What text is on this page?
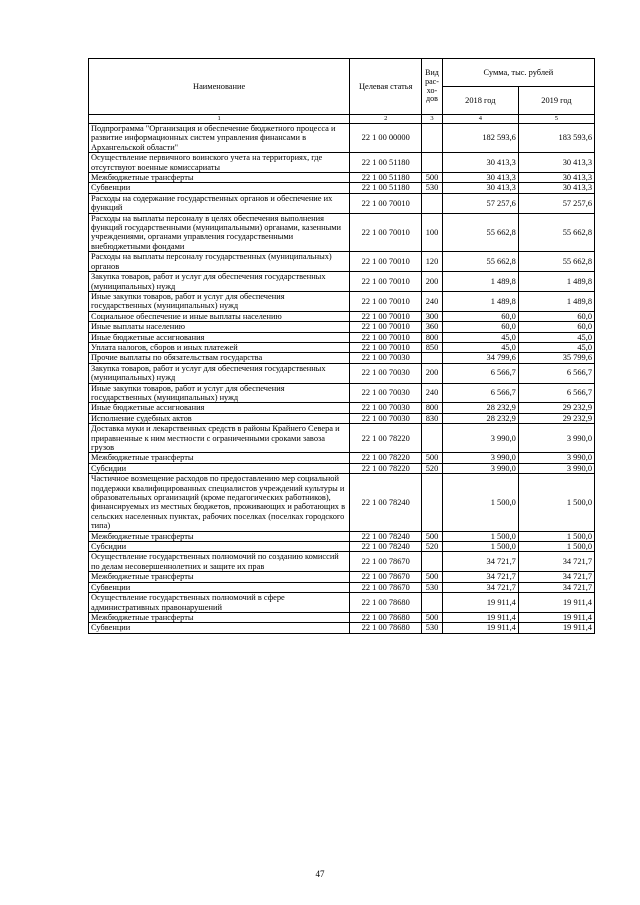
Наименование	Целевая статья	Вид рас- хо- дов	Сумма, тыс. рублей	
			2018 год	2019 год
1	2	3	4	5
Подпрограмма "Организация и обеспечение бюджетного процесса и развитие информационных систем управления финансами в Архангельской области"	22 1 00 00000		182 593,6	183 593,6
Осуществление первичного воинского учета на территориях, где отсутствуют военные комиссариаты	22 1 00 51180		30 413,3	30 413,3
Межбюджетные трансферты	22 1 00 51180	500	30 413,3	30 413,3
Субвенции	22 1 00 51180	530	30 413,3	30 413,3
Расходы на содержание государственных органов и обеспечение их функций	22 1 00 70010		57 257,6	57 257,6
Расходы на выплаты персоналу в целях обеспечения выполнения функций государственными (муниципальными) органами, казенными учреждениями, органами управления государственными внебюджетными фондами	22 1 00 70010	100	55 662,8	55 662,8
Расходы на выплаты персоналу государственных (муниципальных) органов	22 1 00 70010	120	55 662,8	55 662,8
Закупка товаров, работ и услуг для обеспечения государственных (муниципальных) нужд	22 1 00 70010	200	1 489,8	1 489,8
Иные закупки товаров, работ и услуг для обеспечения государственных (муниципальных) нужд	22 1 00 70010	240	1 489,8	1 489,8
Социальное обеспечение и иные выплаты населению	22 1 00 70010	300	60,0	60,0
Иные выплаты населению	22 1 00 70010	360	60,0	60,0
Иные бюджетные ассигнования	22 1 00 70010	800	45,0	45,0
Уплата налогов, сборов и иных платежей	22 1 00 70010	850	45,0	45,0
Прочие выплаты по обязательствам государства	22 1 00 70030		34 799,6	35 799,6
Закупка товаров, работ и услуг для обеспечения государственных (муниципальных) нужд	22 1 00 70030	200	6 566,7	6 566,7
Иные закупки товаров, работ и услуг для обеспечения государственных (муниципальных) нужд	22 1 00 70030	240	6 566,7	6 566,7
Иные бюджетные ассигнования	22 1 00 70030	800	28 232,9	29 232,9
Исполнение судебных актов	22 1 00 70030	830	28 232,9	29 232,9
Доставка муки и лекарственных средств в районы Крайнего Севера и приравненные к ним местности с ограниченными сроками завоза грузов	22 1 00 78220		3 990,0	3 990,0
Межбюджетные трансферты	22 1 00 78220	500	3 990,0	3 990,0
Субсидии	22 1 00 78220	520	3 990,0	3 990,0
Частичное возмещение расходов по предоставлению мер социальной поддержки квалифицированных специалистов учреждений культуры и образовательных организаций (кроме педагогических работников), финансируемых из местных бюджетов, проживающих и работающих в сельских населенных пунктах, рабочих поселках (поселках городского типа)	22 1 00 78240		1 500,0	1 500,0
Межбюджетные трансферты	22 1 00 78240	500	1 500,0	1 500,0
Субсидии	22 1 00 78240	520	1 500,0	1 500,0
Осуществление государственных полномочий по созданию комиссий по делам несовершеннолетних и защите их прав	22 1 00 78670		34 721,7	34 721,7
Межбюджетные трансферты	22 1 00 78670	500	34 721,7	34 721,7
Субвенции	22 1 00 78670	530	34 721,7	34 721,7
Осуществление государственных полномочий в сфере административных правонарушений	22 1 00 78680		19 911,4	19 911,4
Межбюджетные трансферты	22 1 00 78680	500	19 911,4	19 911,4
Субвенции	22 1 00 78680	530	19 911,4	19 911,4
47
